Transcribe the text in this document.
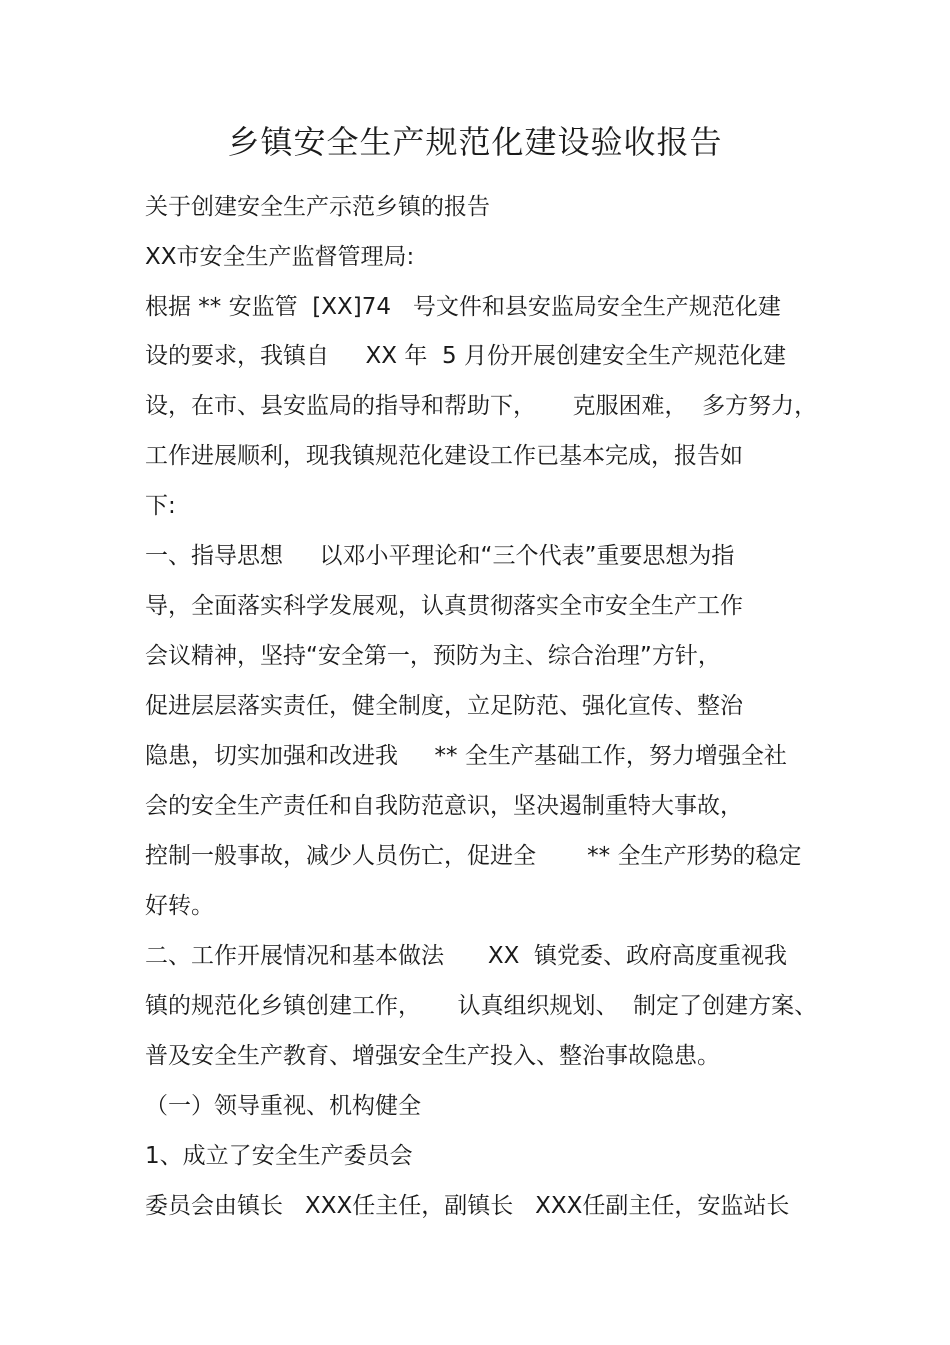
乡镇安全生产规范化建设验收报告
关于创建安全生产示范乡镇的报告
XX市安全生产监督管理局:
根据 ** 安监管  [XX]74   号文件和县安监局安全生产规范化建
设的要求，我镇自     XX 年  5 月份开展创建安全生产规范化建
设，在市、县安监局的指导和帮助下，     克服困难，  多方努力，
工作进展顺利，现我镇规范化建设工作已基本完成，报告如
下:
一、指导思想     以邓小平理论和“三个代表”重要思想为指
导，全面落实科学发展观，认真贯彻落实全市安全生产工作
会议精神，坚持“安全第一，预防为主、综合治理”方针，
促进层层落实责任，健全制度，立足防范、强化宣传、整治
隐患，切实加强和改进我     ** 全生产基础工作，努力增强全社
会的安全生产责任和自我防范意识，坚决遏制重特大事故，
控制一般事故，减少人员伤亡，促进全       ** 全生产形势的稳定
好转。
二、工作开展情况和基本做法      XX  镇党委、政府高度重视我
镇的规范化乡镇创建工作，     认真组织规划、  制定了创建方案、
普及安全生产教育、增强安全生产投入、整治事故隐患。
（一）领导重视、机构健全
1、成立了安全生产委员会
委员会由镇长   XXX任主任，副镇长   XXX任副主任，安监站长
